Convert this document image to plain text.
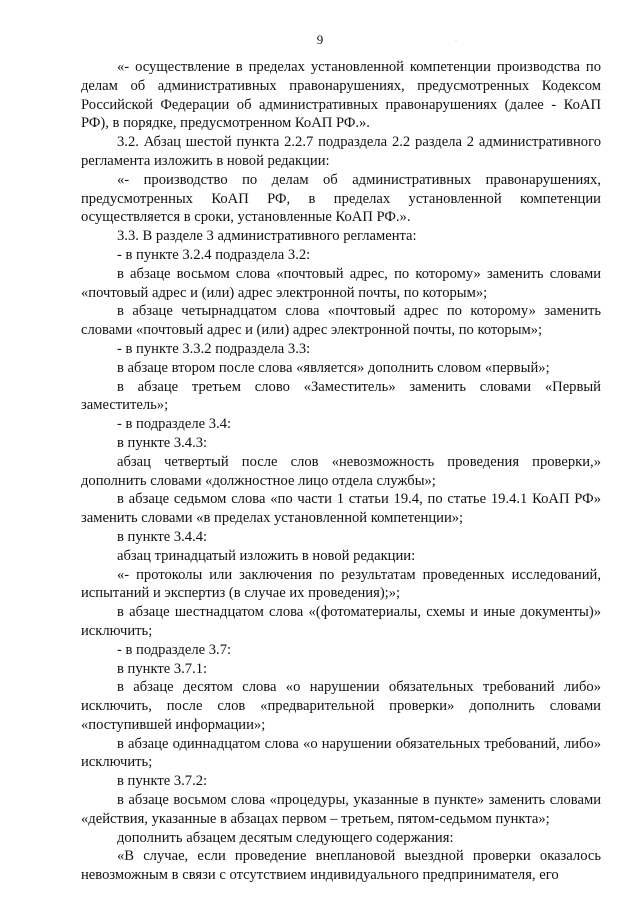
9	·

«- осуществление в пределах установленной компетенции производства по делам об административных правонарушениях, предусмотренных Кодексом Российской Федерации об административных правонарушениях (далее - КоАП РФ), в порядке, предусмотренном КоАП РФ.».

3.2. Абзац шестой пункта 2.2.7 подраздела 2.2 раздела 2 административного регламента изложить в новой редакции:

«- производство по делам об административных правонарушениях, предусмотренных КоАП РФ, в пределах установленной компетенции осуществляется в сроки, установленные КоАП РФ.».

3.3. В разделе 3 административного регламента:

- в пункте 3.2.4 подраздела 3.2:

в абзаце восьмом слова «почтовый адрес, по которому» заменить словами «почтовый адрес и (или) адрес электронной почты, по которым»;

в абзаце четырнадцатом слова «почтовый адрес по которому» заменить словами «почтовый адрес и (или) адрес электронной почты, по которым»;

- в пункте 3.3.2 подраздела 3.3:

в абзаце втором после слова «является» дополнить словом «первый»;

в абзаце третьем слово «Заместитель» заменить словами «Первый заместитель»;

- в подразделе 3.4:

в пункте 3.4.3:

абзац четвертый после слов «невозможность проведения проверки,» дополнить словами «должностное лицо отдела службы»;

в абзаце седьмом слова «по части 1 статьи 19.4, по статье 19.4.1 КоАП РФ» заменить словами «в пределах установленной компетенции»;

в пункте 3.4.4:

абзац тринадцатый изложить в новой редакции:

«- протоколы или заключения по результатам проведенных исследований, испытаний и экспертиз (в случае их проведения);»;

в абзаце шестнадцатом слова «(фотоматериалы, схемы и иные документы)» исключить;

- в подразделе 3.7:

в пункте 3.7.1:

в абзаце десятом слова «о нарушении обязательных требований либо» исключить, после слов «предварительной проверки» дополнить словами «поступившей информации»;

в абзаце одиннадцатом слова «о нарушении обязательных требований, либо» исключить;

в пункте 3.7.2:

в абзаце восьмом слова «процедуры, указанные в пункте» заменить словами «действия, указанные в абзацах первом – третьем, пятом-седьмом пункта»;

дополнить абзацем десятым следующего содержания:

«В случае, если проведение внеплановой выездной проверки оказалось невозможным в связи с отсутствием индивидуального предпринимателя, его
